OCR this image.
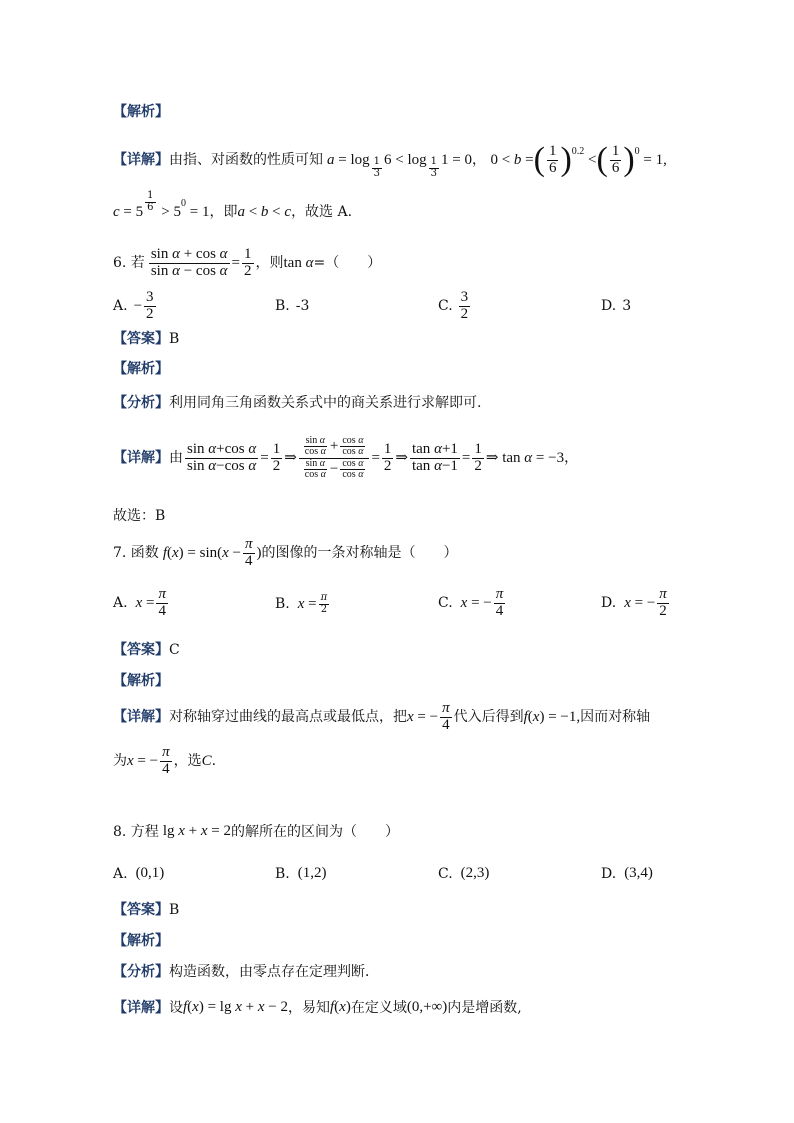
【解析】
【详解】 由指、对函数的性质可知 $a = \log \frac{1}{3} 6 < \log \frac{1}{3} 1 = 0$ ， 0 < b = ( $\frac{1}{6}$ ) 0.2 < ( $\frac{1}{6}$ ) 0 = 1,
$c = 5 \frac{1}{6} > 5$ 0 = 1 ，即 a < b < c ，故选 A.
6. 若 $\frac{\text{sin α + cos α}}{\text{sin α − cos α}} = \frac{1}{2}$ ，则 tan α =（　　）
A. − $\frac{3}{2}$	B. -3	C. $\frac{3}{2}$	D. 3
【答案】 B
【解析】
【分析】 利用同角三角函数关系式中的商关系进行求解即可.
【详解】 由 $\frac{\text{sin α+cos α}}{\text{sin α−cos α}} = \frac{1}{2}$ ⇒ $\frac{\frac{\text{sin α}}{\text{cos α}} + \frac{\text{cos α}}{\text{cos α}}}{\frac{\text{sin α}}{\text{cos α}} - \frac{\text{cos α}}{\text{cos α}}} = \frac{1}{2}$ ⇒ $\frac{\text{tan α+1}}{\text{tan α−1}} = \frac{1}{2}$ ⇒ tan α = −3 ，
故选：B
7. 函数 $f(x) = \sin(x - \frac{\pi}{4}$ ) 的图像的一条对称轴是（　　）
A. $x = \frac{\pi}{4}$	B. $x = \frac{\pi}{2}$	C. x = − $\frac{\pi}{4}$	D. x = − $\frac{\pi}{2}$
【答案】 C
【解析】
【详解】 对称轴穿过曲线的最高点或最低点，把 x = − $\frac{\pi}{4}$ 代入后得到 f(x) = −1, 因而对称轴
为 x = − $\frac{\pi}{4}$ ，选 C .
8. 方程 lg x + x = 2 的解所在的区间为（　　）
A. (0,1)	B. (1,2)	C. (2,3)	D. (3,4)
【答案】 B
【解析】
【分析】 构造函数，由零点存在定理判断．
【详解】 设 f(x) = lg x + x − 2 ，易知 f(x) 在定义域 (0,+∞) 内是增函数,
